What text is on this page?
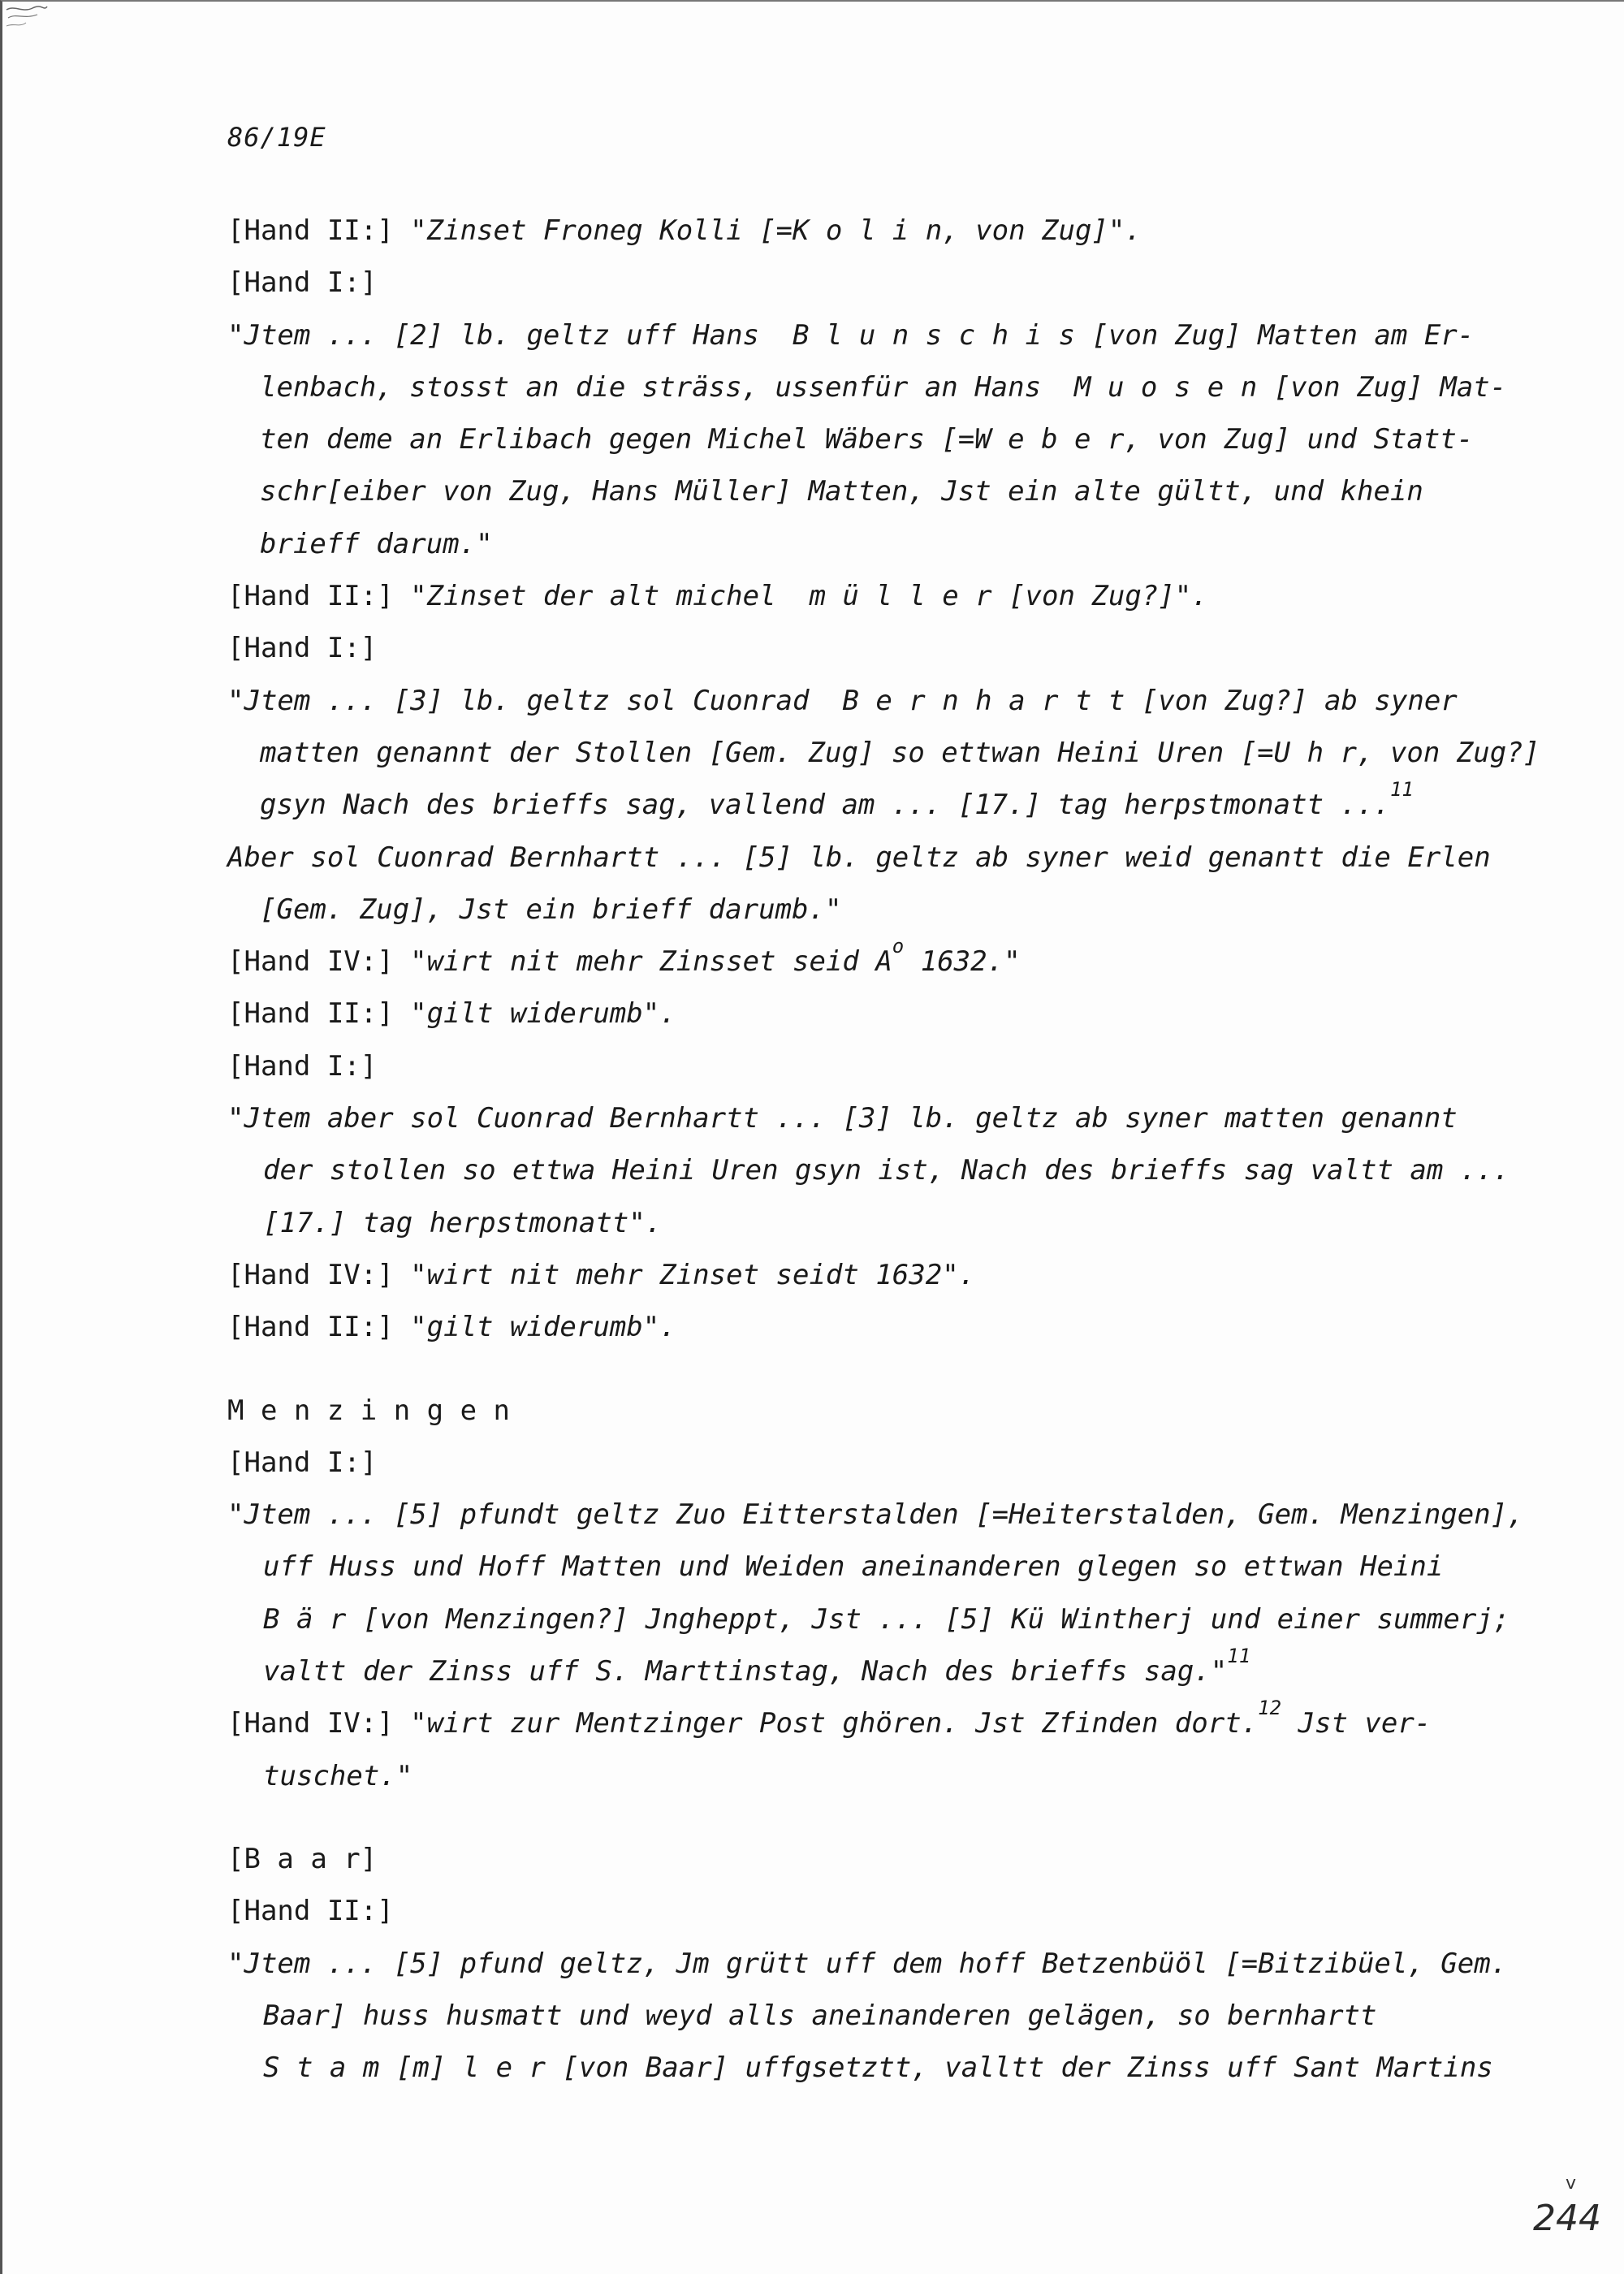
86/19E
[Hand II:] "Zinset Froneg Kolli [=K o l i n, von Zug]".
[Hand I:]
"Jtem ... [2] lb. geltz uff Hans  B l u n s c h i s [von Zug] Matten am Er-
lenbach, stosst an die sträss, ussenfür an Hans  M u o s e n [von Zug] Mat-
ten deme an Erlibach gegen Michel Wäbers [=W e b e r, von Zug] und Statt-
schr[eiber von Zug, Hans Müller] Matten, Jst ein alte gültt, und khein
brieff darum."
[Hand II:] "Zinset der alt michel  m ü l l e r [von Zug?]".
[Hand I:]
"Jtem ... [3] lb. geltz sol Cuonrad  B e r n h a r t t [von Zug?] ab syner
matten genannt der Stollen [Gem. Zug] so ettwan Heini Uren [=U h r, von Zug?]
gsyn Nach des brieffs sag, vallend am ... [17.] tag herpstmonatt ...$^{11}$
Aber sol Cuonrad Bernhartt ... [5] lb. geltz ab syner weid genantt die Erlen
[Gem. Zug], Jst ein brieff darumb."
[Hand IV:] "wirt nit mehr Zinsset seid $A^o$ 1632."
[Hand II:] "gilt widerumb".
[Hand I:]
"Jtem aber sol Cuonrad Bernhartt ... [3] lb. geltz ab syner matten genannt
der stollen so ettwa Heini Uren gsyn ist, Nach des brieffs sag valtt am ...
[17.] tag herpstmonatt".
[Hand IV:] "wirt nit mehr Zinset seidt 1632".
[Hand II:] "gilt widerumb".
M e n z i n g e n
[Hand I:]
"Jtem ... [5] pfundt geltz Zuo Eitterstalden [=Heiterstalden, Gem. Menzingen],
uff Huss und Hoff Matten und Weiden aneinanderen glegen so ettwan Heini
B ä r [von Menzingen?] Jngheppt, Jst ... [5] Kü Wintherj und einer summerj;
valtt der Zinss uff S. Marttinstag, Nach des brieffs sag."$^{11}$
[Hand IV:] "wirt zur Mentzinger Post ghören. Jst Zfinden dort.$^{12}$ Jst ver-
tuschet."
[B a a r]
[Hand II:]
"Jtem ... [5] pfund geltz, Jm grütt uff dem hoff Betzenbüöl [=Bitzibüel, Gem.
Baar] huss husmatt und weyd alls aneinanderen gelägen, so bernhartt
S t a m [m] l e r [von Baar] uffgsetztt, valltt der Zinss uff Sant Martins
v
244
